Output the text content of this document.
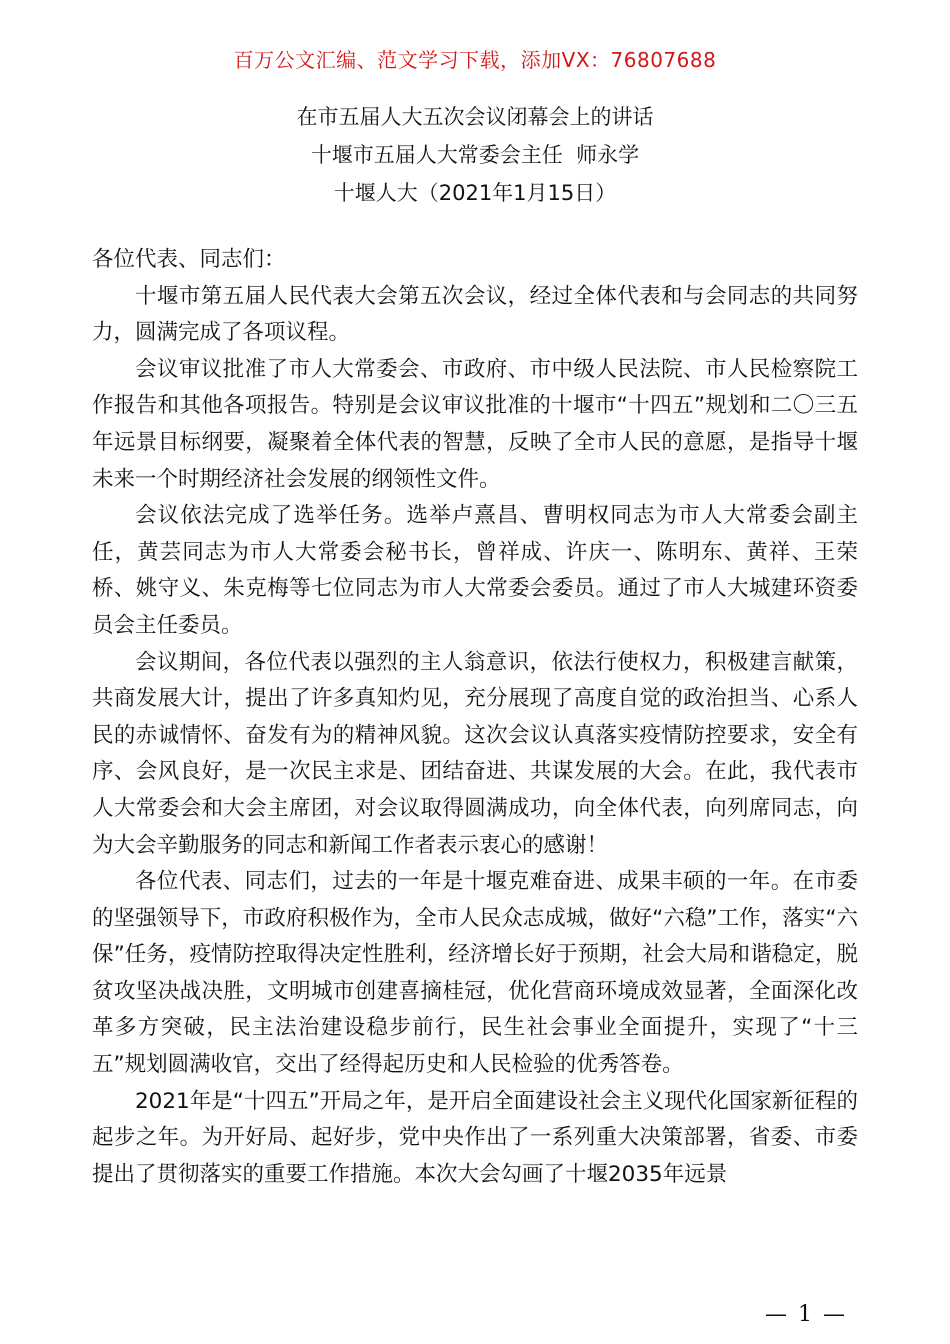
百万公文汇编、范文学习下载，添加VX：76807688
在市五届人大五次会议闭幕会上的讲话
十堰市五届人大常委会主任  师永学
十堰人大（2021年1月15日）

各位代表、同志们：

十堰市第五届人民代表大会第五次会议，经过全体代表和与会同志的共同努力，圆满完成了各项议程。

会议审议批准了市人大常委会、市政府、市中级人民法院、市人民检察院工作报告和其他各项报告。特别是会议审议批准的十堰市“十四五”规划和二〇三五年远景目标纲要，凝聚着全体代表的智慧，反映了全市人民的意愿，是指导十堰未来一个时期经济社会发展的纲领性文件。

会议依法完成了选举任务。选举卢熹昌、曹明权同志为市人大常委会副主任，黄芸同志为市人大常委会秘书长，曾祥成、许庆一、陈明东、黄祥、王荣桥、姚守义、朱克梅等七位同志为市人大常委会委员。通过了市人大城建环资委员会主任委员。

会议期间，各位代表以强烈的主人翁意识，依法行使权力，积极建言献策，共商发展大计，提出了许多真知灼见，充分展现了高度自觉的政治担当、心系人民的赤诚情怀、奋发有为的精神风貌。这次会议认真落实疫情防控要求，安全有序、会风良好，是一次民主求是、团结奋进、共谋发展的大会。在此，我代表市人大常委会和大会主席团，对会议取得圆满成功，向全体代表，向列席同志，向为大会辛勤服务的同志和新闻工作者表示衷心的感谢！

各位代表、同志们，过去的一年是十堰克难奋进、成果丰硕的一年。在市委的坚强领导下，市政府积极作为，全市人民众志成城，做好“六稳”工作，落实“六保”任务，疫情防控取得决定性胜利，经济增长好于预期，社会大局和谐稳定，脱贫攻坚决战决胜，文明城市创建喜摘桂冠，优化营商环境成效显著，全面深化改革多方突破，民主法治建设稳步前行，民生社会事业全面提升，实现了“十三五”规划圆满收官，交出了经得起历史和人民检验的优秀答卷。

2021年是“十四五”开局之年，是开启全面建设社会主义现代化国家新征程的起步之年。为开好局、起好步，党中央作出了一系列重大决策部署，省委、市委提出了贯彻落实的重要工作措施。本次大会勾画了十堰2035年远景

— 1 —
